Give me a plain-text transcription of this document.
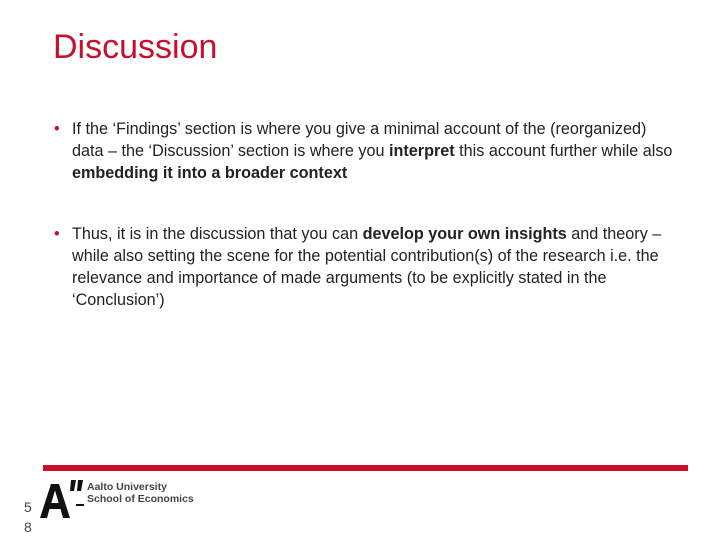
Discussion
• If the ‘Findings’ section is where you give a minimal account of the (reorganized) data – the ‘Discussion’ section is where you interpret this account further while also embedding it into a broader context
• Thus, it is in the discussion that you can develop your own insights and theory – while also setting the scene for the potential contribution(s) of the research i.e. the relevance and importance of made arguments (to be explicitly stated in the ‘Conclusion’)
Aalto University
School of Economics
58
